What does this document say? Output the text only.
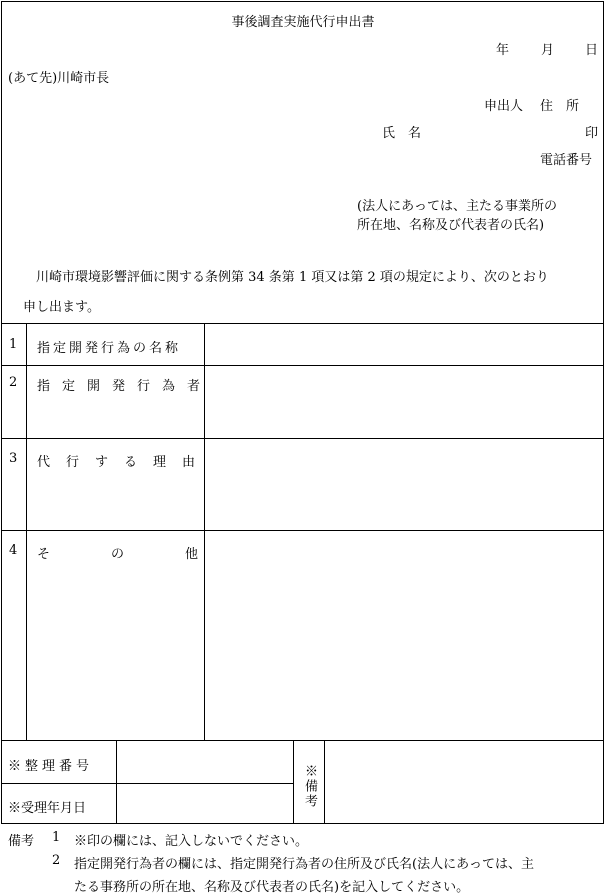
事後調査実施代行申出書
年 月 日
(あて先)川崎市長
申出人 住　所
氏　名	印
電話番号
(法人にあっては、主たる事業所の
所在地、名称及び代表者の氏名)
川崎市環境影響評価に関する条例第 34 条第 1 項又は第 2 項の規定により、次のとおり
申し出ます。
1 指定開発行為の名称
2 指定開発行為者
3 代行する理由
4 その他
※整理番号
※受理年月日	※備考
備考 1 ※印の欄には、記入しないでください。
2 指定開発行為者の欄には、指定開発行為者の住所及び氏名(法人にあっては、主
たる事務所の所在地、名称及び代表者の氏名)を記入してください。
